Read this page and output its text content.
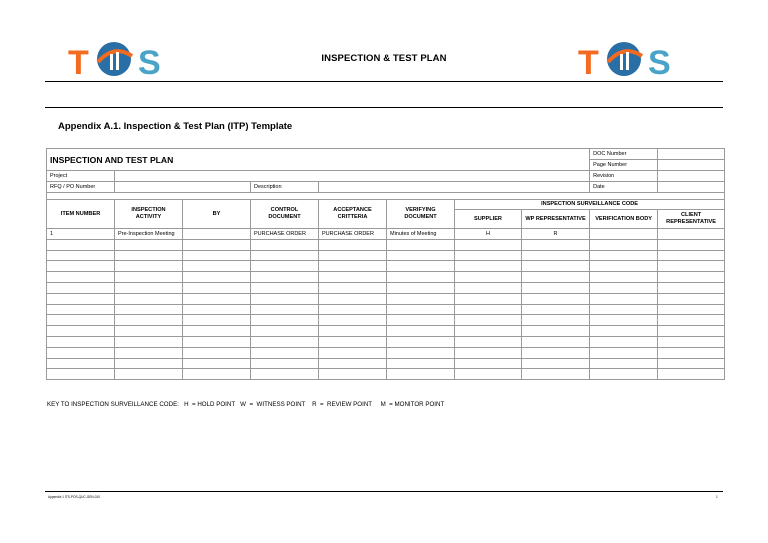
T S	INSPECTION & TEST PLAN	T S
Appendix A.1. Inspection & Test Plan (ITP) Template
INSPECTION AND TEST PLAN								DOC Number	
								Page Number	
Project								Revision	
RFQ / PO Number			Description					Date	

ITEM NUMBER	INSPECTION ACTIVITY	BY	CONTROL DOCUMENT	ACCEPTANCE CRITTERIA	VERIFYING DOCUMENT	INSPECTION SURVEILLANCE CODE			
						SUPPLIER	WP REPRESENTATIVE	VERIFICATION BODY	CLIENT REPRESENTATIVE
1	Pre-Inspection Meeting		PURCHASE ORDER	PURCHASE ORDER	Minutes of Meeting	H	R		

KEY TO INSPECTION SURVEILLANCE CODE:   H  = HOLD POINT   W  =  WITNESS POINT    R  =  REVIEW POINT     M  = MONITOR POINT
Appendix 1 ITS-POS-QUC-GEN-010	1
